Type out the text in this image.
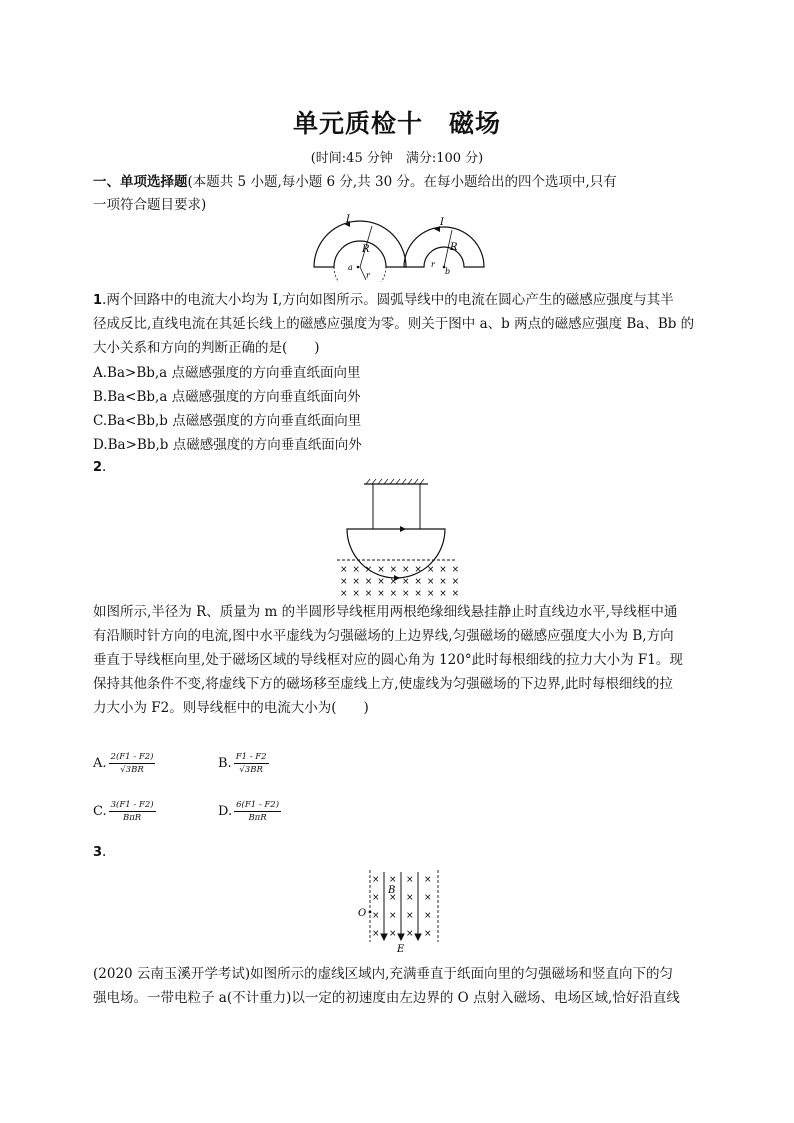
单元质检十　磁场
(时间:45 分钟　满分:100 分)
一、单项选择题(本题共 5 小题,每小题 6 分,共 30 分。在每小题给出的四个选项中,只有
一项符合题目要求)
I
R
r
a
I
R
r
b
1.两个回路中的电流大小均为 I,方向如图所示。圆弧导线中的电流在圆心产生的磁感应强度与其半
径成反比,直线电流在其延长线上的磁感应强度为零。则关于图中 a、b 两点的磁感应强度 Ba、Bb 的
大小关系和方向的判断正确的是(　　)
A.Ba>Bb,a 点磁感强度的方向垂直纸面向里
B.Ba<Bb,a 点磁感强度的方向垂直纸面向外
C.Ba<Bb,b 点磁感强度的方向垂直纸面向里
D.Ba>Bb,b 点磁感强度的方向垂直纸面向外
2.
× × × × × × × × × ×
× × × × × × × × × ×
× × × × × × × × × ×
如图所示,半径为 R、质量为 m 的半圆形导线框用两根绝缘细线悬挂静止时直线边水平,导线框中通
有沿顺时针方向的电流,图中水平虚线为匀强磁场的上边界线,匀强磁场的磁感应强度大小为 B,方向
垂直于导线框向里,处于磁场区域的导线框对应的圆心角为 120°此时每根细线的拉力大小为 F1。现
保持其他条件不变,将虚线下方的磁场移至虚线上方,使虚线为匀强磁场的下边界,此时每根细线的拉
力大小为 F2。则导线框中的电流大小为(　　)
A. $\frac{2(F1 - F2)}{√3BR}$	B. $\frac{F1 - F2}{√3BR}$
C. $\frac{3(F1 - F2)}{\text{BπR}}$	D. $\frac{6(F1 - F2)}{\text{BπR}}$
3.
× × × ×
× × × ×
× × × ×
× × × ×
B
O
E
(2020 云南玉溪开学考试)如图所示的虚线区域内,充满垂直于纸面向里的匀强磁场和竖直向下的匀
强电场。一带电粒子 a(不计重力)以一定的初速度由左边界的 O 点射入磁场、电场区域,恰好沿直线
